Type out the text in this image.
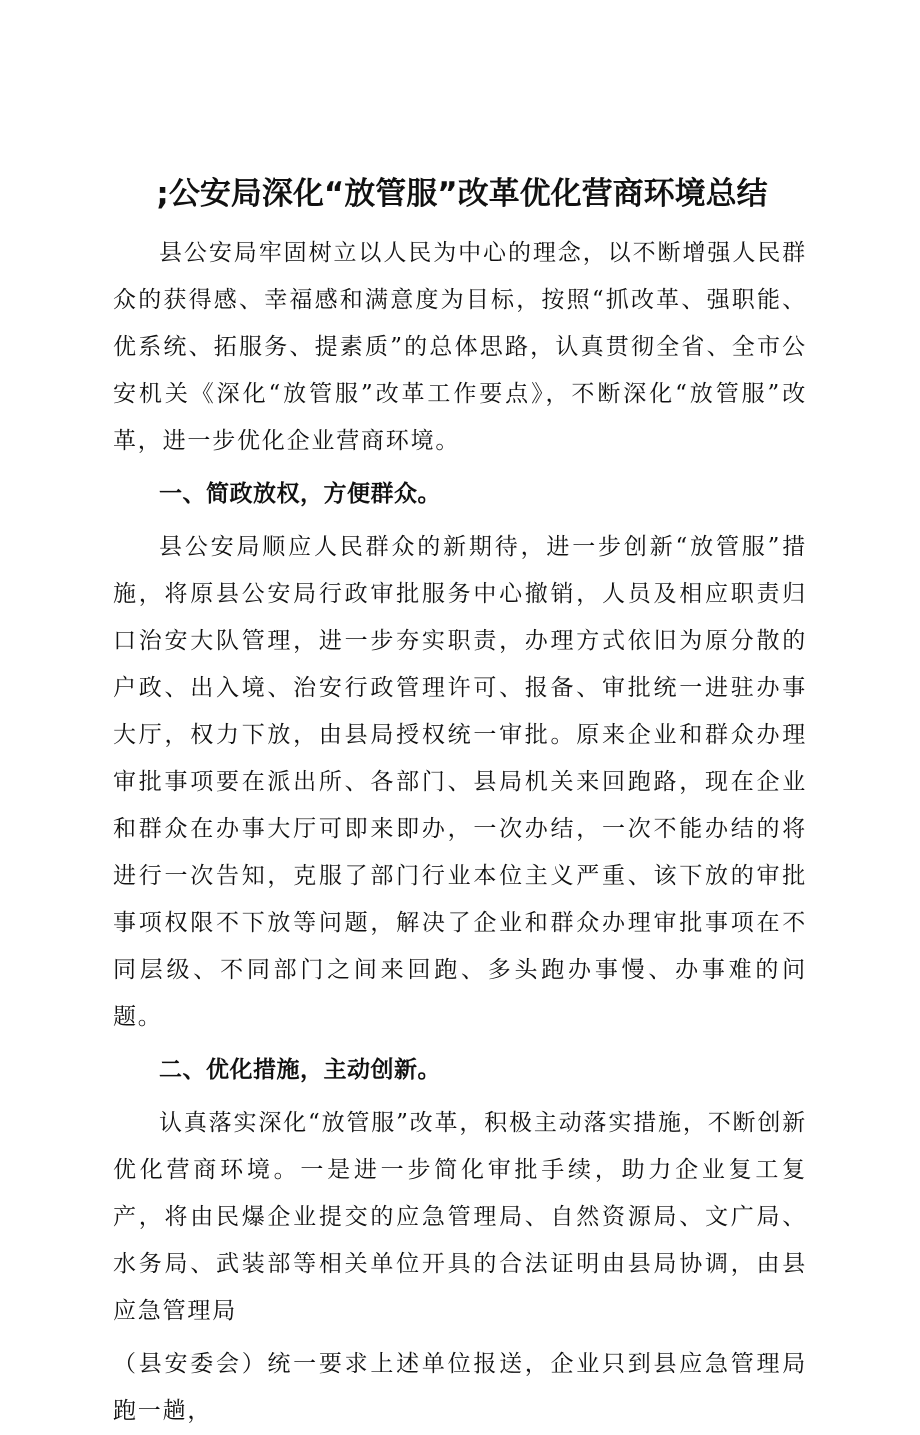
;公安局深化“放管服”改革优化营商环境总结

县公安局牢固树立以人民为中心的理念，以不断增强人民群众的获得感、幸福感和满意度为目标，按照“抓改革、强职能、优系统、拓服务、提素质”的总体思路，认真贯彻全省、全市公安机关《深化“放管服”改革工作要点》，不断深化“放管服”改革，进一步优化企业营商环境。

一、简政放权，方便群众。

县公安局顺应人民群众的新期待，进一步创新“放管服”措施，将原县公安局行政审批服务中心撤销，人员及相应职责归口治安大队管理，进一步夯实职责，办理方式依旧为原分散的户政、出入境、治安行政管理许可、报备、审批统一进驻办事大厅，权力下放，由县局授权统一审批。原来企业和群众办理审批事项要在派出所、各部门、县局机关来回跑路，现在企业和群众在办事大厅可即来即办，一次办结，一次不能办结的将进行一次告知，克服了部门行业本位主义严重、该下放的审批事项权限不下放等问题，解决了企业和群众办理审批事项在不同层级、不同部门之间来回跑、多头跑办事慢、办事难的问题。

二、优化措施，主动创新。

认真落实深化“放管服”改革，积极主动落实措施，不断创新优化营商环境。一是进一步简化审批手续，助力企业复工复产，将由民爆企业提交的应急管理局、自然资源局、文广局、水务局、武装部等相关单位开具的合法证明由县局协调，由县应急管理局

（县安委会）统一要求上述单位报送，企业只到县应急管理局跑一趟，
